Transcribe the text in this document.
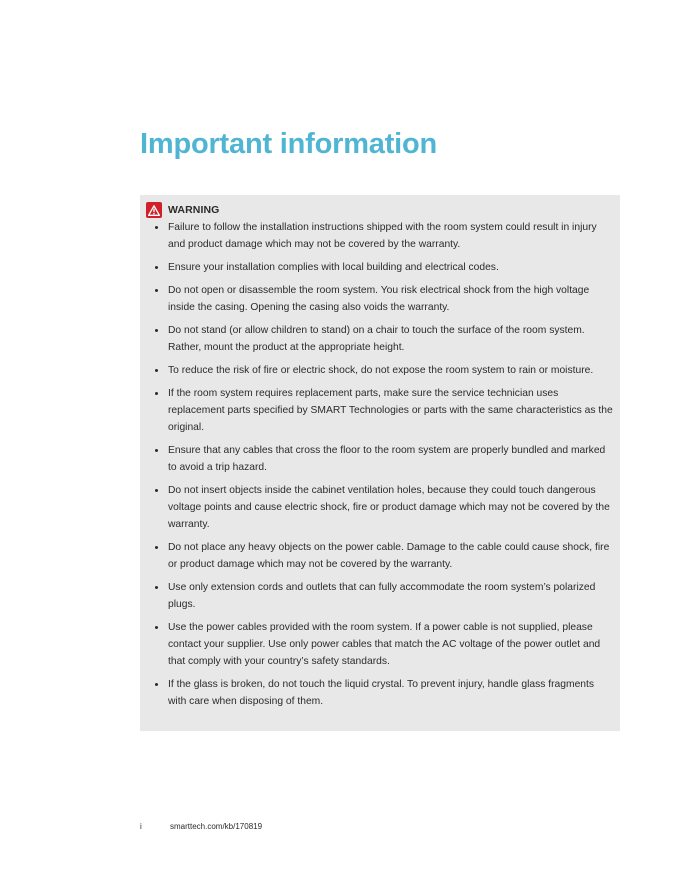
Important information
WARNING
Failure to follow the installation instructions shipped with the room system could result in injury and product damage which may not be covered by the warranty.
Ensure your installation complies with local building and electrical codes.
Do not open or disassemble the room system. You risk electrical shock from the high voltage inside the casing. Opening the casing also voids the warranty.
Do not stand (or allow children to stand) on a chair to touch the surface of the room system. Rather, mount the product at the appropriate height.
To reduce the risk of fire or electric shock, do not expose the room system to rain or moisture.
If the room system requires replacement parts, make sure the service technician uses replacement parts specified by SMART Technologies or parts with the same characteristics as the original.
Ensure that any cables that cross the floor to the room system are properly bundled and marked to avoid a trip hazard.
Do not insert objects inside the cabinet ventilation holes, because they could touch dangerous voltage points and cause electric shock, fire or product damage which may not be covered by the warranty.
Do not place any heavy objects on the power cable. Damage to the cable could cause shock, fire or product damage which may not be covered by the warranty.
Use only extension cords and outlets that can fully accommodate the room system’s polarized plugs.
Use the power cables provided with the room system. If a power cable is not supplied, please contact your supplier. Use only power cables that match the AC voltage of the power outlet and that comply with your country’s safety standards.
If the glass is broken, do not touch the liquid crystal. To prevent injury, handle glass fragments with care when disposing of them.
i	smarttech.com/kb/170819
